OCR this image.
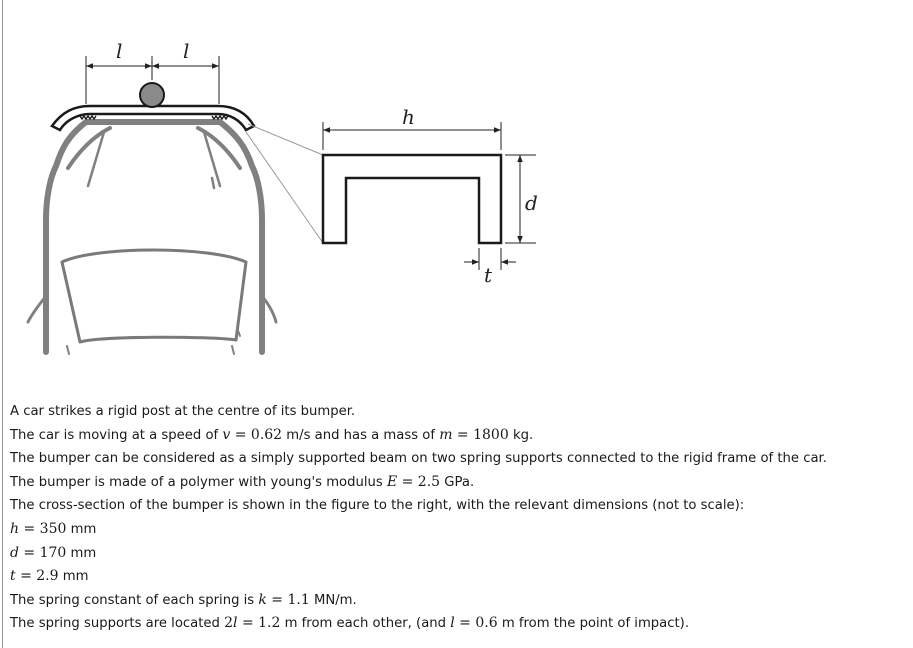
l	l
h
d
t
A car strikes a rigid post at the centre of its bumper.
The car is moving at a speed of v = 0.62 m/s and has a mass of m = 1800 kg.
The bumper can be considered as a simply supported beam on two spring supports connected to the rigid frame of the car.
The bumper is made of a polymer with young's modulus E = 2.5 GPa.
The cross-section of the bumper is shown in the figure to the right, with the relevant dimensions (not to scale):
h = 350 mm
d = 170 mm
t = 2.9 mm
The spring constant of each spring is k = 1.1 MN/m.
The spring supports are located 2l = 1.2 m from each other, (and l = 0.6 m from the point of impact).
